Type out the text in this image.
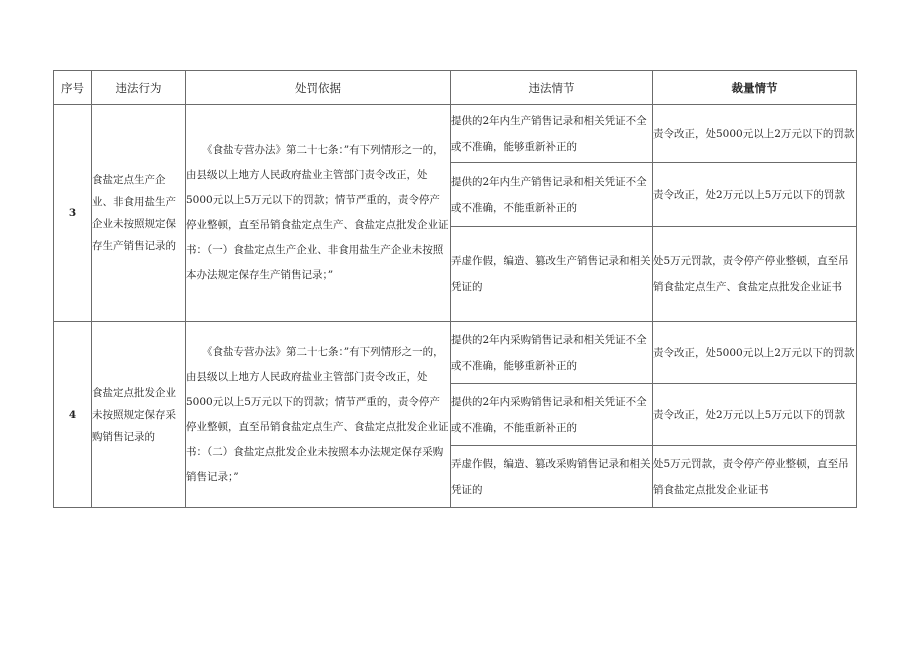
序号	违法行为	处罚依据	违法情节	裁量情节
3	食盐定点生产企业、非食用盐生产企业未按照规定保存生产销售记录的	《食盐专营办法》第二十七条：”有下列情形之一的，由县级以上地方人民政府盐业主管部门责令改正，处5000元以上5万元以下的罚款；情节严重的，责令停产停业整顿，直至吊销食盐定点生产、食盐定点批发企业证书：（一）食盐定点生产企业、非食用盐生产企业未按照本办法规定保存生产销售记录；”	提供的2年内生产销售记录和相关凭证不全或不准确，能够重新补正的	责令改正，处5000元以上2万元以下的罚款
			提供的2年内生产销售记录和相关凭证不全或不准确，不能重新补正的	责令改正，处2万元以上5万元以下的罚款
			弄虚作假，编造、篡改生产销售记录和相关凭证的	处5万元罚款，责令停产停业整顿，直至吊销食盐定点生产、食盐定点批发企业证书
4	食盐定点批发企业未按照规定保存采购销售记录的	《食盐专营办法》第二十七条：”有下列情形之一的，由县级以上地方人民政府盐业主管部门责令改正，处5000元以上5万元以下的罚款；情节严重的，责令停产停业整顿，直至吊销食盐定点生产、食盐定点批发企业证书：（二）食盐定点批发企业未按照本办法规定保存采购销售记录；”	提供的2年内采购销售记录和相关凭证不全或不准确，能够重新补正的	责令改正，处5000元以上2万元以下的罚款
			提供的2年内采购销售记录和相关凭证不全或不准确，不能重新补正的	责令改正，处2万元以上5万元以下的罚款
			弄虚作假，编造、篡改采购销售记录和相关凭证的	处5万元罚款，责令停产停业整顿，直至吊销食盐定点批发企业证书
